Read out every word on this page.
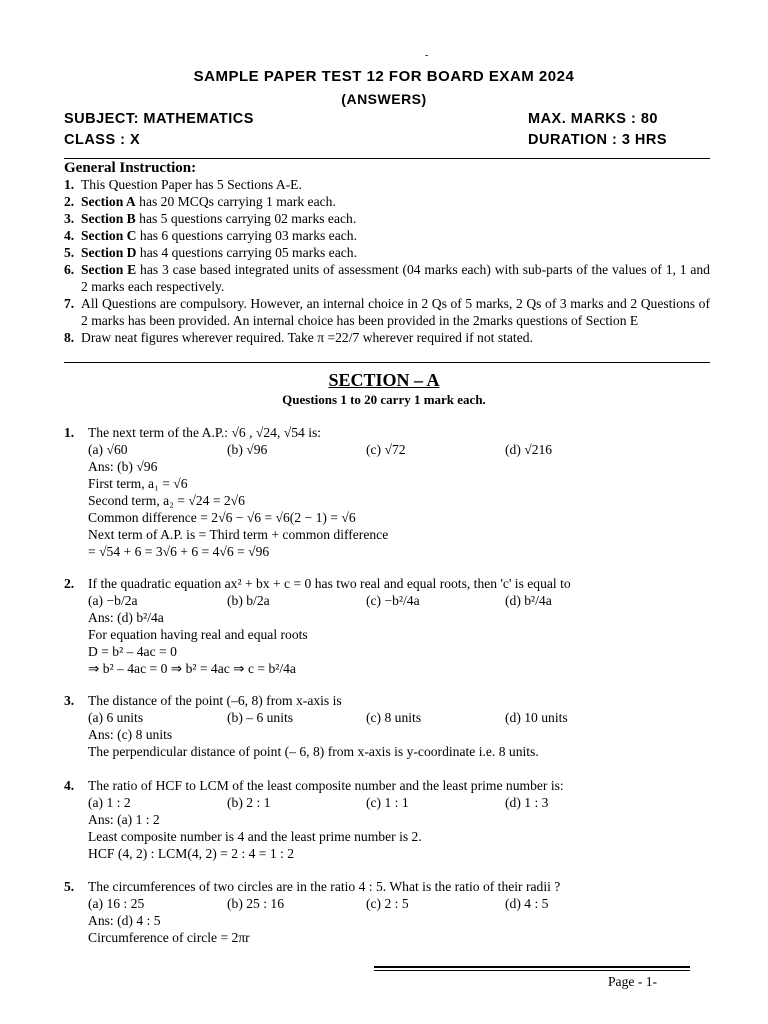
-
SAMPLE PAPER TEST 12 FOR BOARD EXAM 2024
(ANSWERS)
SUBJECT: MATHEMATICS
CLASS : X
MAX. MARKS : 80
DURATION : 3 HRS
General Instruction:
1. This Question Paper has 5 Sections A-E.
2. Section A has 20 MCQs carrying 1 mark each.
3. Section B has 5 questions carrying 02 marks each.
4. Section C has 6 questions carrying 03 marks each.
5. Section D has 4 questions carrying 05 marks each.
6. Section E has 3 case based integrated units of assessment (04 marks each) with sub-parts of the values of 1, 1 and 2 marks each respectively.
7. All Questions are compulsory. However, an internal choice in 2 Qs of 5 marks, 2 Qs of 3 marks and 2 Questions of 2 marks has been provided. An internal choice has been provided in the 2marks questions of Section E
8. Draw neat figures wherever required. Take π =22/7 wherever required if not stated.
SECTION – A
Questions 1 to 20 carry 1 mark each.
1.	The next term of the A.P.: √6 , √24, √54 is:
(a) √60	(b) √96	(c) √72	(d) √216
Ans: (b) √96
First term, a₁ = √6
Second term, a₂ = √24 = 2√6
Common difference = 2√6 − √6 = √6(2 − 1) = √6
Next term of A.P. is = Third term + common difference
= √54 + 6 = 3√6 + 6 = 4√6 = √96
2.	If the quadratic equation ax² + bx + c = 0 has two real and equal roots, then 'c' is equal to
(a) −b/2a	(b) b/2a	(c) −b²/4a	(d) b²/4a
Ans: (d) b²/4a
For equation having real and equal roots
D = b² – 4ac = 0
⇒ b² – 4ac = 0 ⇒ b² = 4ac ⇒ c = b²/4a
3.	The distance of the point (–6, 8) from x-axis is
(a) 6 units	(b) – 6 units	(c) 8 units	(d) 10 units
Ans: (c) 8 units
The perpendicular distance of point (– 6, 8) from x-axis is y-coordinate i.e. 8 units.
4.	The ratio of HCF to LCM of the least composite number and the least prime number is:
(a) 1 : 2	(b) 2 : 1	(c) 1 : 1	(d) 1 : 3
Ans: (a) 1 : 2
Least composite number is 4 and the least prime number is 2.
HCF (4, 2) : LCM(4, 2) = 2 : 4 = 1 : 2
5.	The circumferences of two circles are in the ratio 4 : 5. What is the ratio of their radii ?
(a) 16 : 25	(b) 25 : 16	(c) 2 : 5	(d) 4 : 5
Ans: (d) 4 : 5
Circumference of circle = 2πr
Page - 1-
